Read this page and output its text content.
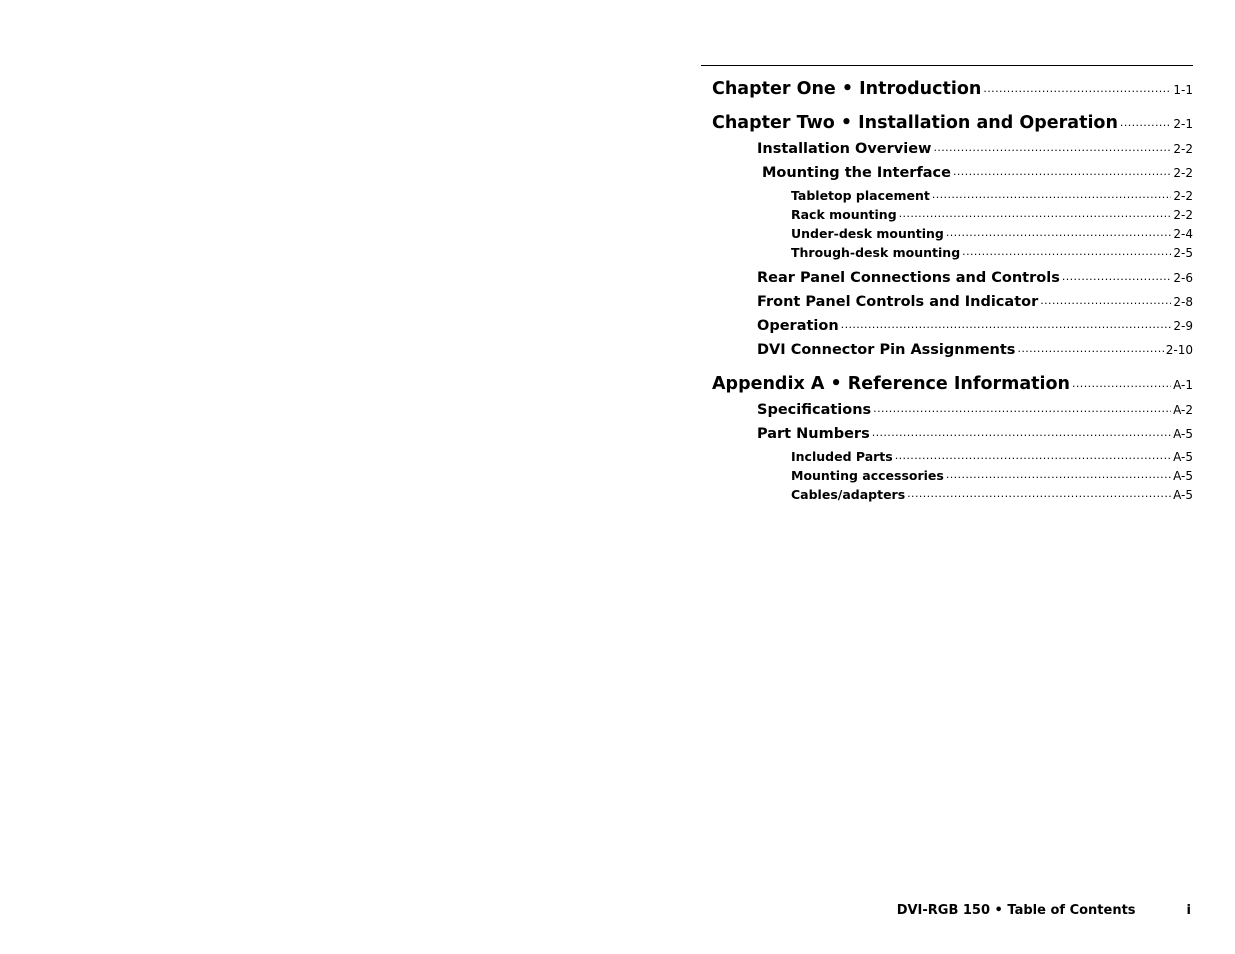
Chapter One • Introduction .....	1-1
Chapter Two • Installation and Operation .....	2-1
Installation Overview .....	2-2
Mounting the Interface .....	2-2
Tabletop placement .....	2-2
Rack mounting .....	2-2
Under-desk mounting .....	2-4
Through-desk mounting .....	2-5
Rear Panel Connections and Controls .....	2-6
Front Panel Controls and Indicator .....	2-8
Operation .....	2-9
DVI Connector Pin Assignments .....	2-10
Appendix A • Reference Information .....	A-1
Specifications .....	A-2
Part Numbers .....	A-5
Included Parts .....	A-5
Mounting accessories .....	A-5
Cables/adapters .....	A-5
DVI-RGB 150 • Table of Contents	i
